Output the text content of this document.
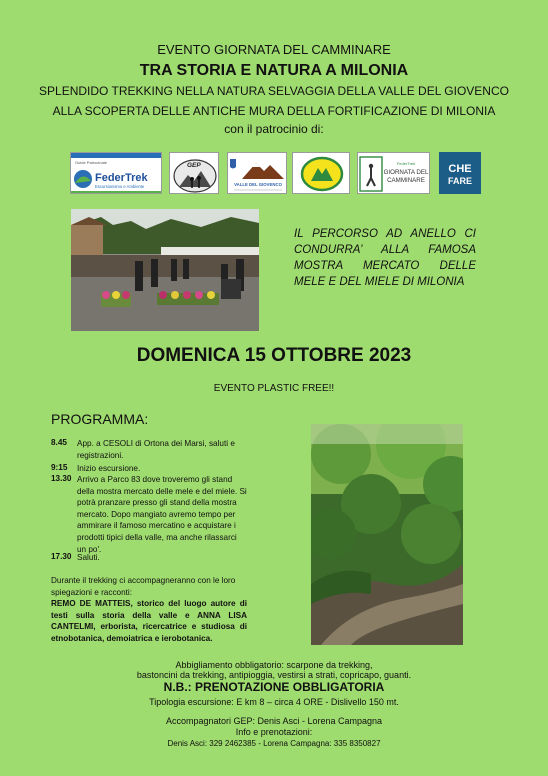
EVENTO GIORNATA DEL CAMMINARE
TRA STORIA E NATURA A MILONIA
SPLENDIDO TREKKING NELLA NATURA SELVAGGIA DELLA VALLE DEL GIOVENCO
ALLA SCOPERTA DELLE ANTICHE MURA DELLA FORTIFICAZIONE DI MILONIA
con il patrocinio di:
Guide Patrocinate
FederTrek
Escursionismo e Ambiente
GEP
VALLE DEL GIOVENCO
FederTrek
GIORNATA DEL
CAMMINARE
CHE
FARE
IL PERCORSO AD ANELLO CI CONDURRA’ ALLA FAMOSA MOSTRA MERCATO DELLE MELE E DEL MIELE DI MILONIA
DOMENICA 15 OTTOBRE 2023
EVENTO PLASTIC FREE!!
PROGRAMMA:
8.45 App. a CESOLI di Ortona dei Marsi, saluti e registrazioni.
9:15 Inizio escursione.
13.30 Arrivo a Parco 83 dove troveremo gli stand della mostra mercato delle mele e del miele. Si potrà pranzare presso gli stand della mostra mercato. Dopo mangiato avremo tempo per ammirare il famoso mercatino e acquistare i prodotti tipici della valle, ma anche rilassarci un po'.
17.30 Saluti.
Durante il trekking ci accompagneranno con le loro spiegazioni e racconti:
REMO DE MATTEIS, storico del luogo autore di testi sulla storia della valle e ANNA LISA CANTELMI, erborista, ricercatrice e studiosa di etnobotanica, demoiatrica e ierobotanica.
Abbigliamento obbligatorio: scarpone da trekking,
bastoncini da trekking, antipioggia, vestirsi a strati, copricapo, guanti.
N.B.: PRENOTAZIONE OBBLIGATORIA
Tipologia escursione: E km 8 – circa 4 ORE - Dislivello 150 mt.
Accompagnatori GEP: Denis Asci - Lorena Campagna
Info e prenotazioni:
Denis Asci: 329 2462385 - Lorena Campagna: 335 8350827
